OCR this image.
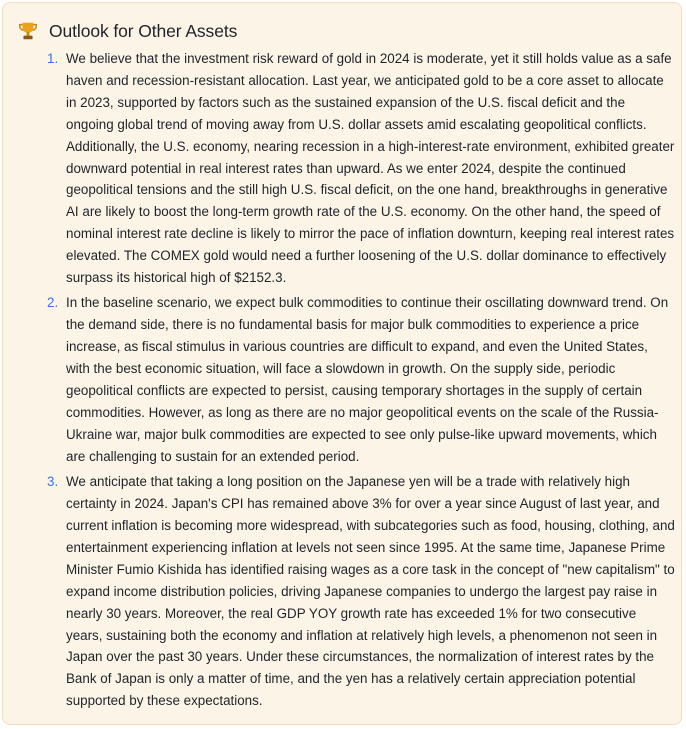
Outlook for Other Assets
1. We believe that the investment risk reward of gold in 2024 is moderate, yet it still holds value as a safe haven and recession-resistant allocation. Last year, we anticipated gold to be a core asset to allocate in 2023, supported by factors such as the sustained expansion of the U.S. fiscal deficit and the ongoing global trend of moving away from U.S. dollar assets amid escalating geopolitical conflicts. Additionally, the U.S. economy, nearing recession in a high-interest-rate environment, exhibited greater downward potential in real interest rates than upward. As we enter 2024, despite the continued geopolitical tensions and the still high U.S. fiscal deficit, on the one hand, breakthroughs in generative AI are likely to boost the long-term growth rate of the U.S. economy. On the other hand, the speed of nominal interest rate decline is likely to mirror the pace of inflation downturn, keeping real interest rates elevated. The COMEX gold would need a further loosening of the U.S. dollar dominance to effectively surpass its historical high of $2152.3.
2. In the baseline scenario, we expect bulk commodities to continue their oscillating downward trend. On the demand side, there is no fundamental basis for major bulk commodities to experience a price increase, as fiscal stimulus in various countries are difficult to expand, and even the United States, with the best economic situation, will face a slowdown in growth. On the supply side, periodic geopolitical conflicts are expected to persist, causing temporary shortages in the supply of certain commodities. However, as long as there are no major geopolitical events on the scale of the Russia-Ukraine war, major bulk commodities are expected to see only pulse-like upward movements, which are challenging to sustain for an extended period.
3. We anticipate that taking a long position on the Japanese yen will be a trade with relatively high certainty in 2024. Japan's CPI has remained above 3% for over a year since August of last year, and current inflation is becoming more widespread, with subcategories such as food, housing, clothing, and entertainment experiencing inflation at levels not seen since 1995. At the same time, Japanese Prime Minister Fumio Kishida has identified raising wages as a core task in the concept of "new capitalism" to expand income distribution policies, driving Japanese companies to undergo the largest pay raise in nearly 30 years. Moreover, the real GDP YOY growth rate has exceeded 1% for two consecutive years, sustaining both the economy and inflation at relatively high levels, a phenomenon not seen in Japan over the past 30 years. Under these circumstances, the normalization of interest rates by the Bank of Japan is only a matter of time, and the yen has a relatively certain appreciation potential supported by these expectations.
